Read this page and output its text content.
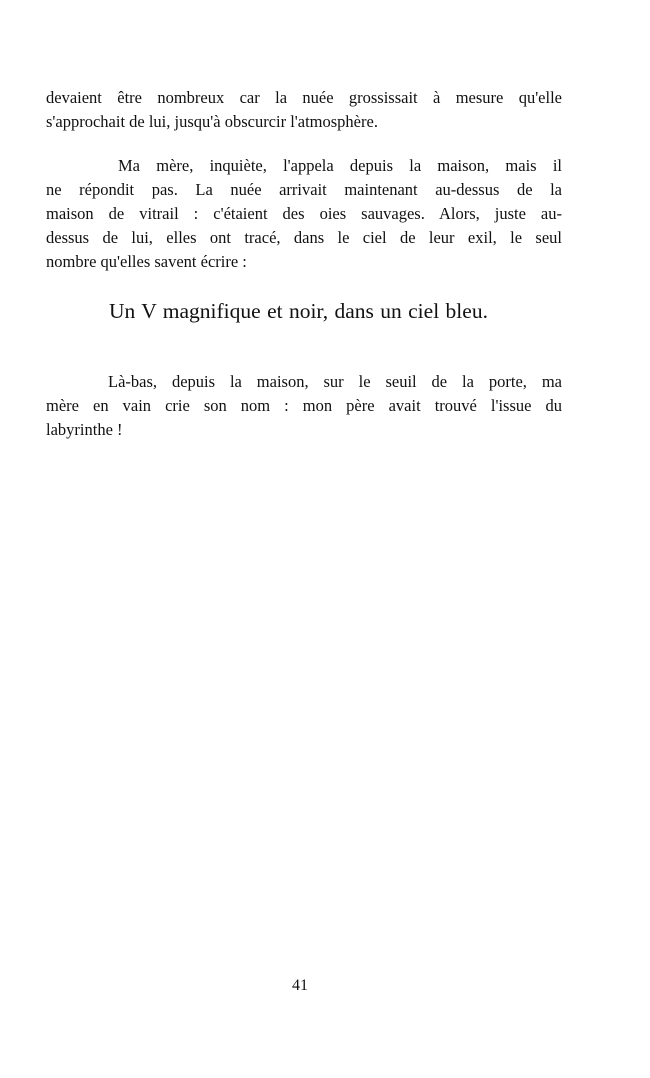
devaient être nombreux car la nuée grossissait à mesure qu'elle
s'approchait de lui, jusqu'à obscurcir l'atmosphère.
Ma mère, inquiète, l'appela depuis la maison, mais il
ne répondit pas. La nuée arrivait maintenant au-dessus de la
maison de vitrail : c'étaient des oies sauvages. Alors, juste au-
dessus de lui, elles ont tracé, dans le ciel de leur exil, le seul
nombre qu'elles savent écrire :
Un V magnifique et noir, dans un ciel bleu.
Là-bas, depuis la maison, sur le seuil de la porte, ma
mère en vain crie son nom : mon père avait trouvé l'issue du
labyrinthe !
41
